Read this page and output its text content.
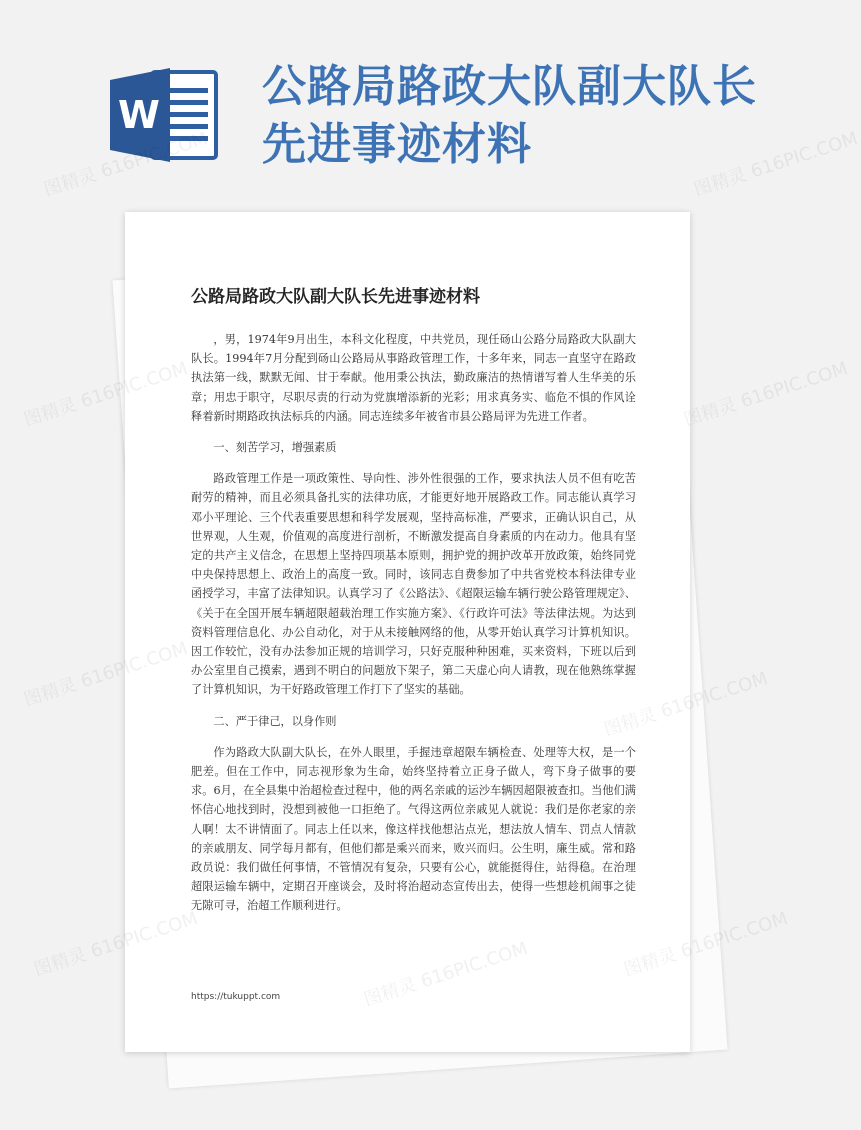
W
公路局路政大队副大队长先进事迹材料
公路局路政大队副大队长先进事迹材料

，男，1974年9月出生，本科文化程度，中共党员，现任砀山公路分局路政大队副大队长。1994年7月分配到砀山公路局从事路政管理工作，十多年来，同志一直坚守在路政执法第一线，默默无闻、甘于奉献。他用秉公执法，勤政廉洁的热情谱写着人生华美的乐章；用忠于职守，尽职尽责的行动为党旗增添新的光彩；用求真务实、临危不惧的作风诠释着新时期路政执法标兵的内涵。同志连续多年被省市县公路局评为先进工作者。

一、刻苦学习，增强素质

路政管理工作是一项政策性、导向性、涉外性很强的工作，要求执法人员不但有吃苦耐劳的精神，而且必须具备扎实的法律功底，才能更好地开展路政工作。同志能认真学习邓小平理论、三个代表重要思想和科学发展观，坚持高标准，严要求，正确认识自己，从世界观，人生观，价值观的高度进行剖析，不断激发提高自身素质的内在动力。他具有坚定的共产主义信念，在思想上坚持四项基本原则，拥护党的拥护改革开放政策，始终同党中央保持思想上、政治上的高度一致。同时，该同志自费参加了中共省党校本科法律专业函授学习，丰富了法律知识。认真学习了《公路法》、《超限运输车辆行驶公路管理规定》、《关于在全国开展车辆超限超载治理工作实施方案》、《行政许可法》等法律法规。为达到资料管理信息化、办公自动化，对于从未接触网络的他，从零开始认真学习计算机知识。因工作较忙，没有办法参加正规的培训学习，只好克服种种困难，买来资料，下班以后到办公室里自己摸索，遇到不明白的问题放下架子，第二天虚心向人请教，现在他熟练掌握了计算机知识，为干好路政管理工作打下了坚实的基础。

二、严于律己，以身作则

作为路政大队副大队长，在外人眼里，手握违章超限车辆检查、处理等大权，是一个肥差。但在工作中，同志视形象为生命，始终坚持着立正身子做人，弯下身子做事的要求。6月，在全县集中治超检查过程中，他的两名亲戚的运沙车辆因超限被查扣。当他们满怀信心地找到时，没想到被他一口拒绝了。气得这两位亲戚见人就说：我们是你老家的亲人啊！太不讲情面了。同志上任以来，像这样找他想沾点光，想法放人情车、罚点人情款的亲戚朋友、同学每月都有，但他们都是乘兴而来，败兴而归。公生明，廉生威。常和路政员说：我们做任何事情，不管情况有复杂，只要有公心，就能挺得住，站得稳。在治理超限运输车辆中，定期召开座谈会，及时将治超动态宣传出去，使得一些想趁机闹事之徒无隙可寻，治超工作顺利进行。

https://tukuppt.com
图精灵 616PIC.COM	图精灵 616PIC.COM
图精灵 616PIC.COM	图精灵 616PIC.COM
图精灵 616PIC.COM	616PIC.COM
图精灵 616PIC.COM	616PIC.COM
